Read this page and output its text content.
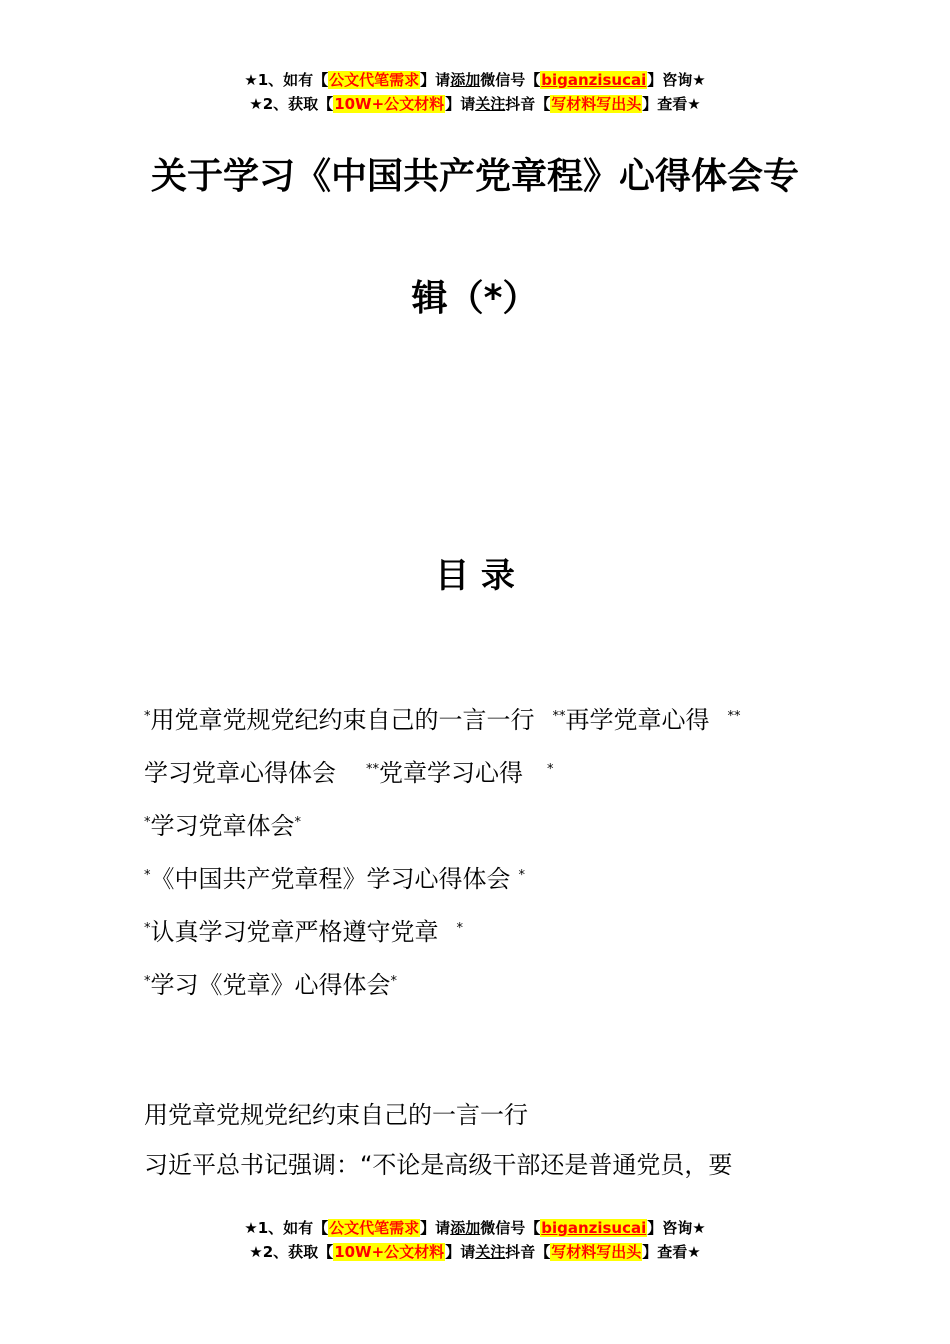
★1、如有【公文代笔需求】请添加微信号【biganzisucai】咨询★
★2、获取【10W+公文材料】请关注抖音【写材料写出头】查看★
关于学习《中国共产党章程》心得体会专
辑（*）
目 录
*用党章党规党纪约束自己的一言一行 **再学党章心得 **
学习党章心得体会 **党章学习心得 *
*学习党章体会*
*《中国共产党章程》学习心得体会 *
*认真学习党章严格遵守党章 *
*学习《党章》心得体会*
用党章党规党纪约束自己的一言一行
习近平总书记强调：“不论是高级干部还是普通党员，要
★1、如有【公文代笔需求】请添加微信号【biganzisucai】咨询★
★2、获取【10W+公文材料】请关注抖音【写材料写出头】查看★
